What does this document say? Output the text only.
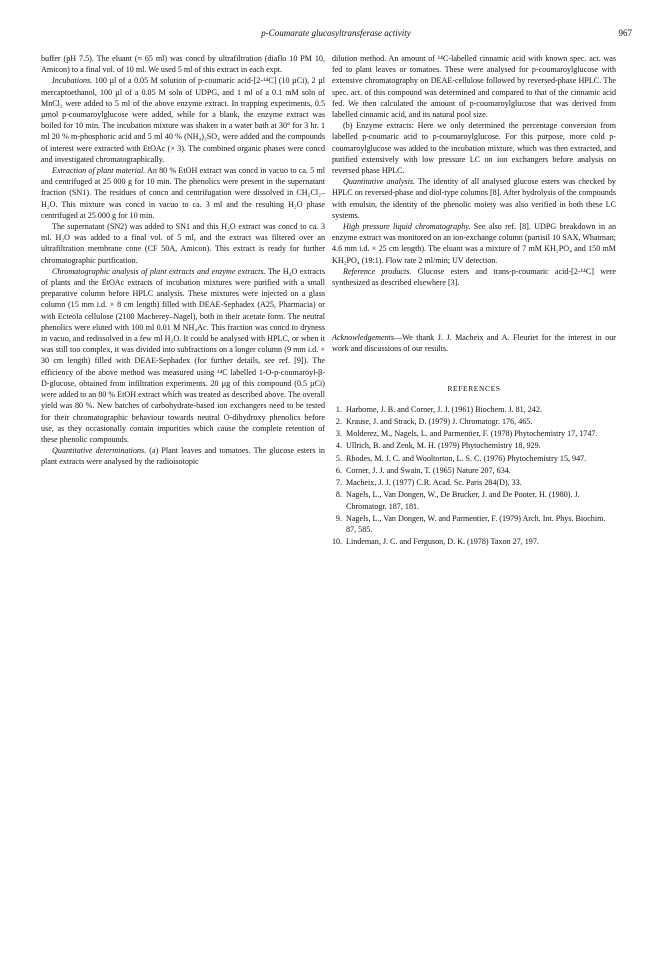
p-Coumarate glucosyltransferase activity	967

buffer (pH 7.5). The eluant (≈ 65 ml) was concd by ultrafiltration (diaflo 10 PM 10, Amicon) to a final vol. of 10 ml. We used 5 ml of this extract in each expt.

Incubations. 100 µl of a 0.05 M solution of p-coumaric acid-[2-¹⁴C] (10 µCi), 2 µl mercaptoethanol, 100 µl of a 0.05 M soln of UDPG, and 1 ml of a 0.1 mM soln of MnCl₂ were added to 5 ml of the above enzyme extract. In trapping experiments, 0.5 µmol p-coumaroylglucose were added, while for a blank, the enzyme extract was boiled for 10 min. The incubation mixture was shaken in a water bath at 30° for 3 hr. 1 ml 20 % m-phosphoric acid and 5 ml 40 % (NH₄)₂SO₄ were added and the compounds of interest were extracted with EtOAc (× 3). The combined organic phases were concd and investigated chromatographically.

Extraction of plant material. An 80 % EtOH extract was concd in vacuo to ca. 5 ml and centrifuged at 25 000 g for 10 min. The phenolics were present in the supernatant fraction (SN1). The residues of concn and centrifugation were dissolved in CH₂Cl₂–H₂O. This mixture was concd in vacuo to ca. 3 ml and the resulting H₂O phase centrifuged at 25 000 g for 10 min.

The supernatant (SN2) was added to SN1 and this H₂O extract was concd to ca. 3 ml. H₂O was added to a final vol. of 5 ml, and the extract was filtered over an ultrafiltration membrane cone (CF 50A, Amicon). This extract is ready for further chromatographic purification.

Chromatographic analysis of plant extracts and enzyme extracts. The H₂O extracts of plants and the EtOAc extracts of incubation mixtures were purified with a small preparative column before HPLC analysis. These mixtures were injected on a glass column (15 mm i.d. × 8 cm length) filled with DEAE-Sephadex (A25, Pharmacia) or with Ecteola cellulose (2100 Macherey–Nagel), both in their acetate form. The neutral phenolics were eluted with 100 ml 0.01 M NH₄Ac. This fraction was concd to dryness in vacuo, and redissolved in a few ml H₂O. It could be analysed with HPLC, or when it was still too complex, it was divided into subfractions on a longer column (9 mm i.d. × 30 cm length) filled with DEAE-Sephadex (for further details, see ref. [9]). The efficiency of the above method was measured using ¹⁴C labelled 1-O-p-coumaroyl-β-D-glucose, obtained from infiltration experiments. 20 µg of this compound (0.5 µCi) were added to an 80 % EtOH extract which was treated as described above. The overall yield was 80 %. New batches of carbohydrate-based ion exchangers need to be tested for their chromatographic behaviour towards neutral O-dihydroxy phenolics before use, as they occasionally contain impurities which cause the complete retention of these phenolic compounds.

Quantitative determinations. (a) Plant leaves and tomatoes. The glucose esters in plant extracts were analysed by the radioisotopic

dilution method. An amount of ¹⁴C-labelled cinnamic acid with known spec. act. was fed to plant leaves or tomatoes. These were analysed for p-coumaroylglucose with extensive chromatography on DEAE-cellulose followed by reversed-phase HPLC. The spec. act. of this compound was determined and compared to that of the cinnamic acid fed. We then calculated the amount of p-coumaroylglucose that was derived from labelled cinnamic acid, and its natural pool size.

(b) Enzyme extracts: Here we only determined the percentage conversion from labelled p-coumaric acid to p-coumaroylglucose. For this purpose, more cold p-coumaroylglucose was added to the incubation mixture, which was then extracted, and purified extensively with low pressure LC on ion exchangers before analysis on reversed phase HPLC.

Quantitative analysis. The identity of all analysed glucose esters was checked by HPLC on reversed-phase and diol-type columns [8]. After hydrolysis of the compounds with emulsin, the identity of the phenolic moiety was also verified in both these LC systems.

High pressure liquid chromatography. See also ref. [8]. UDPG breakdown in an enzyme extract was monitored on an ion-exchange column (partisil 10 SAX, Whatman; 4.6 mm i.d. × 25 cm length). The eluant was a mixture of 7 mM KH₂PO₄ and 150 mM KH₂PO₄ (19:1). Flow rate 2 ml/min; UV detection.

Reference products. Glucose esters and trans-p-coumaric acid-[2-¹⁴C] were synthesized as described elsewhere [3].

Acknowledgements—We thank J. J. Macheix and A. Fleuriet for the interest in our work and discussions of our results.

REFERENCES
1. Harborne, J. B. and Corner, J. J. (1961) Biochem. J. 81, 242.
2. Krause, J. and Strack, D. (1979) J. Chromatogr. 176, 465.
3. Molderez, M., Nagels, L. and Parmentier, F. (1978) Phytochemistry 17, 1747.
4. Ullrich, B. and Zenk, M. H. (1979) Phytochemistry 18, 929.
5. Rhodes, M. J. C. and Wooltorton, L. S. C. (1976) Phytochemistry 15, 947.
6. Corner, J. J. and Swain, T. (1965) Nature 207, 634.
7. Macheix, J. J. (1977) C.R. Acad. Sc. Paris 284(D), 33.
8. Nagels, L., Van Dongen, W., De Brucker, J. and De Pooter, H. (1980). J. Chromatogr. 187, 181.
9. Nagels, L., Van Dongen, W. and Parmentier, F. (1979) Arch. Int. Phys. Biochim. 87, 585.
10. Lindeman, J. C. and Ferguson, D. K. (1978) Taxon 27, 197.
